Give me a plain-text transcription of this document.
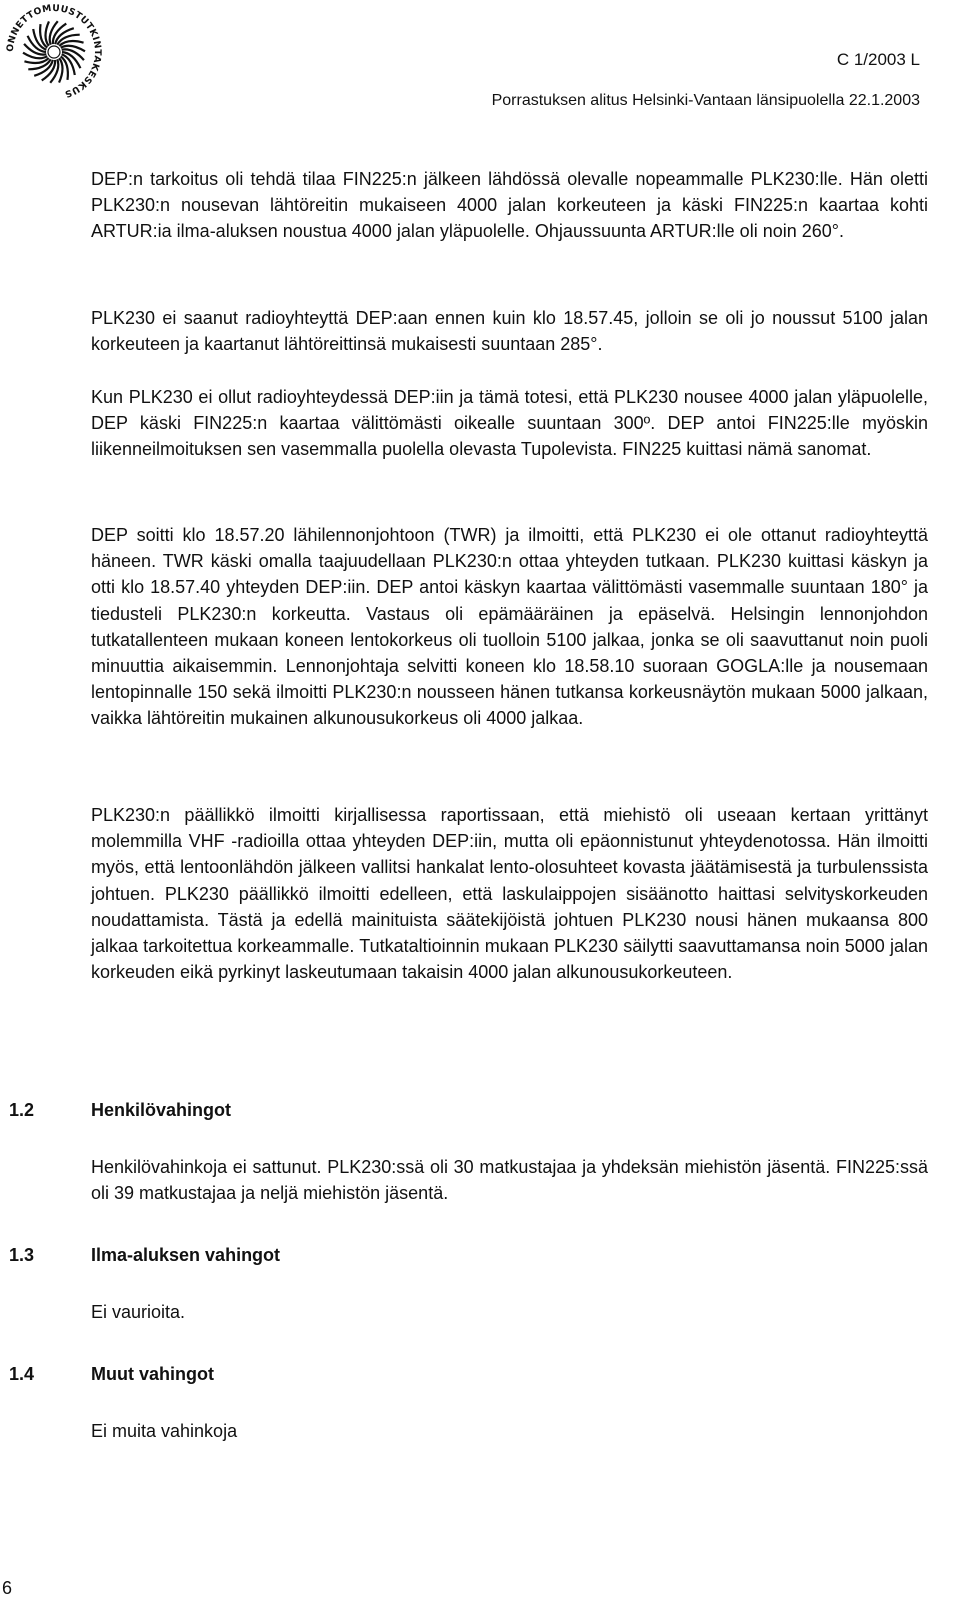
ONNETTOMUUSTUTKINTAKESKUS
C 1/2003 L
Porrastuksen alitus Helsinki-Vantaan länsipuolella 22.1.2003
DEP:n tarkoitus oli tehdä tilaa FIN225:n jälkeen lähdössä olevalle nopeammalle PLK230:lle. Hän oletti PLK230:n nousevan lähtöreitin mukaiseen 4000 jalan korkeuteen ja käski FIN225:n kaartaa kohti ARTUR:ia ilma-aluksen noustua 4000 jalan yläpuolelle. Ohjaussuunta ARTUR:lle oli noin 260°.
PLK230 ei saanut radioyhteyttä DEP:aan ennen kuin klo 18.57.45, jolloin se oli jo noussut 5100 jalan korkeuteen ja kaartanut lähtöreittinsä mukaisesti suuntaan 285°.
Kun PLK230 ei ollut radioyhteydessä DEP:iin ja tämä totesi, että PLK230 nousee 4000 jalan yläpuolelle, DEP käski FIN225:n kaartaa välittömästi oikealle suuntaan 300º. DEP antoi FIN225:lle myöskin liikenneilmoituksen sen vasemmalla puolella olevasta Tupolevista. FIN225 kuittasi nämä sanomat.
DEP soitti klo 18.57.20 lähilennonjohtoon (TWR) ja ilmoitti, että PLK230 ei ole ottanut radioyhteyttä häneen. TWR käski omalla taajuudellaan PLK230:n ottaa yhteyden tutkaan. PLK230 kuittasi käskyn ja otti klo 18.57.40 yhteyden DEP:iin. DEP antoi käskyn kaartaa välittömästi vasemmalle suuntaan 180° ja tiedusteli PLK230:n korkeutta. Vastaus oli epämääräinen ja epäselvä. Helsingin lennonjohdon tutkatallenteen mukaan koneen lentokorkeus oli tuolloin 5100 jalkaa, jonka se oli saavuttanut noin puoli minuuttia aikaisemmin. Lennonjohtaja selvitti koneen klo 18.58.10 suoraan GOGLA:lle ja nousemaan lentopinnalle 150 sekä ilmoitti PLK230:n nousseen hänen tutkansa korkeusnäytön mukaan 5000 jalkaan, vaikka lähtöreitin mukainen alkunousukorkeus oli 4000 jalkaa.
PLK230:n päällikkö ilmoitti kirjallisessa raportissaan, että miehistö oli useaan kertaan yrittänyt molemmilla VHF -radioilla ottaa yhteyden DEP:iin, mutta oli epäonnistunut yhteydenotossa. Hän ilmoitti myös, että lentoonlähdön jälkeen vallitsi hankalat lento-olosuhteet kovasta jäätämisestä ja turbulenssista johtuen. PLK230 päällikkö ilmoitti edelleen, että laskulaippojen sisäänotto haittasi selvityskorkeuden noudattamista. Tästä ja edellä mainituista säätekijöistä johtuen PLK230 nousi hänen mukaansa 800 jalkaa tarkoitettua korkeammalle. Tutkataltioinnin mukaan PLK230 säilytti saavuttamansa noin 5000 jalan korkeuden eikä pyrkinyt laskeutumaan takaisin 4000 jalan alkunousukorkeuteen.
1.2	Henkilövahingot
Henkilövahinkoja ei sattunut. PLK230:ssä oli 30 matkustajaa ja yhdeksän miehistön jäsentä. FIN225:ssä oli 39 matkustajaa ja neljä miehistön jäsentä.
1.3	Ilma-aluksen vahingot
Ei vaurioita.
1.4	Muut vahingot
Ei muita vahinkoja
6
